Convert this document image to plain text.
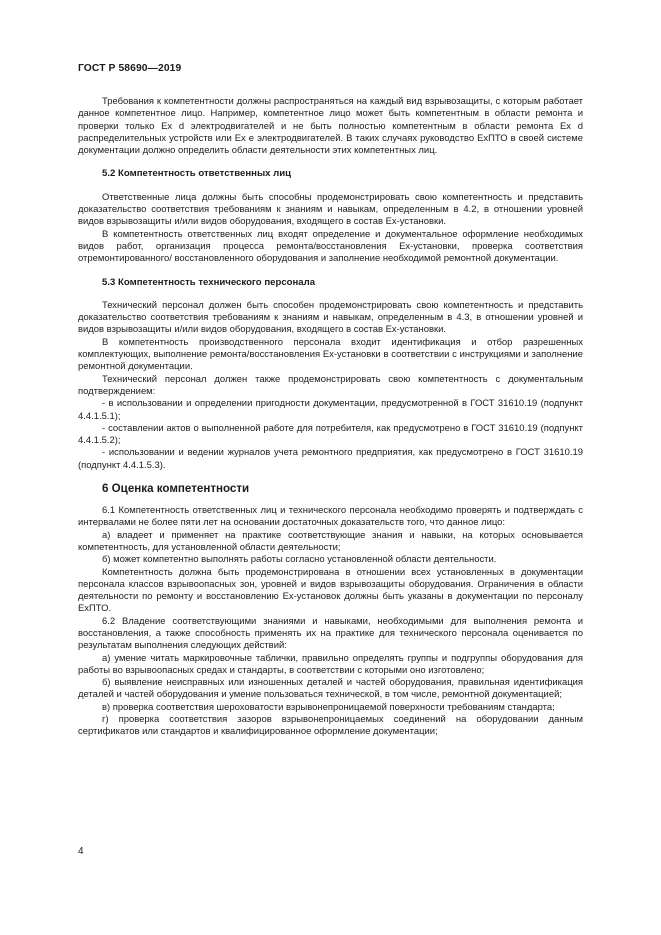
ГОСТ Р 58690—2019

Требования к компетентности должны распространяться на каждый вид взрывозащиты, с которым работает данное компетентное лицо. Например, компетентное лицо может быть компетентным в области ремонта и проверки только Ex d электродвигателей и не быть полностью компетентным в области ремонта Ex d распределительных устройств или Ex e электродвигателей. В таких случаях руководство ЕхПТО в своей системе документации должно определить области деятельности этих компетентных лиц.

5.2 Компетентность ответственных лиц

Ответственные лица должны быть способны продемонстрировать свою компетентность и представить доказательство соответствия требованиям к знаниям и навыкам, определенным в 4.2, в отношении уровней видов взрывозащиты и/или видов оборудования, входящего в состав Ex-установки.

В компетентность ответственных лиц входят определение и документальное оформление необходимых видов работ, организация процесса ремонта/восстановления Ex-установки, проверка соответствия отремонтированного/ восстановленного оборудования и заполнение необходимой ремонтной документации.

5.3 Компетентность технического персонала

Технический персонал должен быть способен продемонстрировать свою компетентность и представить доказательство соответствия требованиям к знаниям и навыкам, определенным в 4.3, в отношении уровней и видов взрывозащиты и/или видов оборудования, входящего в состав Ex-установки.

В компетентность производственного персонала входит идентификация и отбор разрешенных комплектующих, выполнение ремонта/восстановления Ex-установки в соответствии с инструкциями и заполнение ремонтной документации.

Технический персонал должен также продемонстрировать свою компетентность с документальным подтверждением:

- в использовании и определении пригодности документации, предусмотренной в ГОСТ 31610.19 (подпункт 4.4.1.5.1);

- составлении актов о выполненной работе для потребителя, как предусмотрено в ГОСТ 31610.19 (подпункт 4.4.1.5.2);

- использовании и ведении журналов учета ремонтного предприятия, как предусмотрено в ГОСТ 31610.19 (подпункт 4.4.1.5.3).

6 Оценка компетентности

6.1 Компетентность ответственных лиц и технического персонала необходимо проверять и подтверждать с интервалами не более пяти лет на основании достаточных доказательств того, что данное лицо:

а) владеет и применяет на практике соответствующие знания и навыки, на которых основывается компетентность, для установленной области деятельности;

б) может компетентно выполнять работы согласно установленной области деятельности.

Компетентность должна быть продемонстрирована в отношении всех установленных в документации персонала классов взрывоопасных зон, уровней и видов взрывозащиты оборудования. Ограничения в области деятельности по ремонту и восстановлению Ex-установок должны быть указаны в документации по персоналу ЕхПТО.

6.2 Владение соответствующими знаниями и навыками, необходимыми для выполнения ремонта и восстановления, а также способность применять их на практике для технического персонала оценивается по результатам выполнения следующих действий:

а) умение читать маркировочные таблички, правильно определять группы и подгруппы оборудования для работы во взрывоопасных средах и стандарты, в соответствии с которыми оно изготовлено;

б) выявление неисправных или изношенных деталей и частей оборудования, правильная идентификация деталей и частей оборудования и умение пользоваться технической, в том числе, ремонтной документацией;

в) проверка соответствия шероховатости взрывонепроницаемой поверхности требованиям стандарта;

г) проверка соответствия зазоров взрывонепроницаемых соединений на оборудовании данным сертификатов или стандартов и квалифицированное оформление документации;

4
